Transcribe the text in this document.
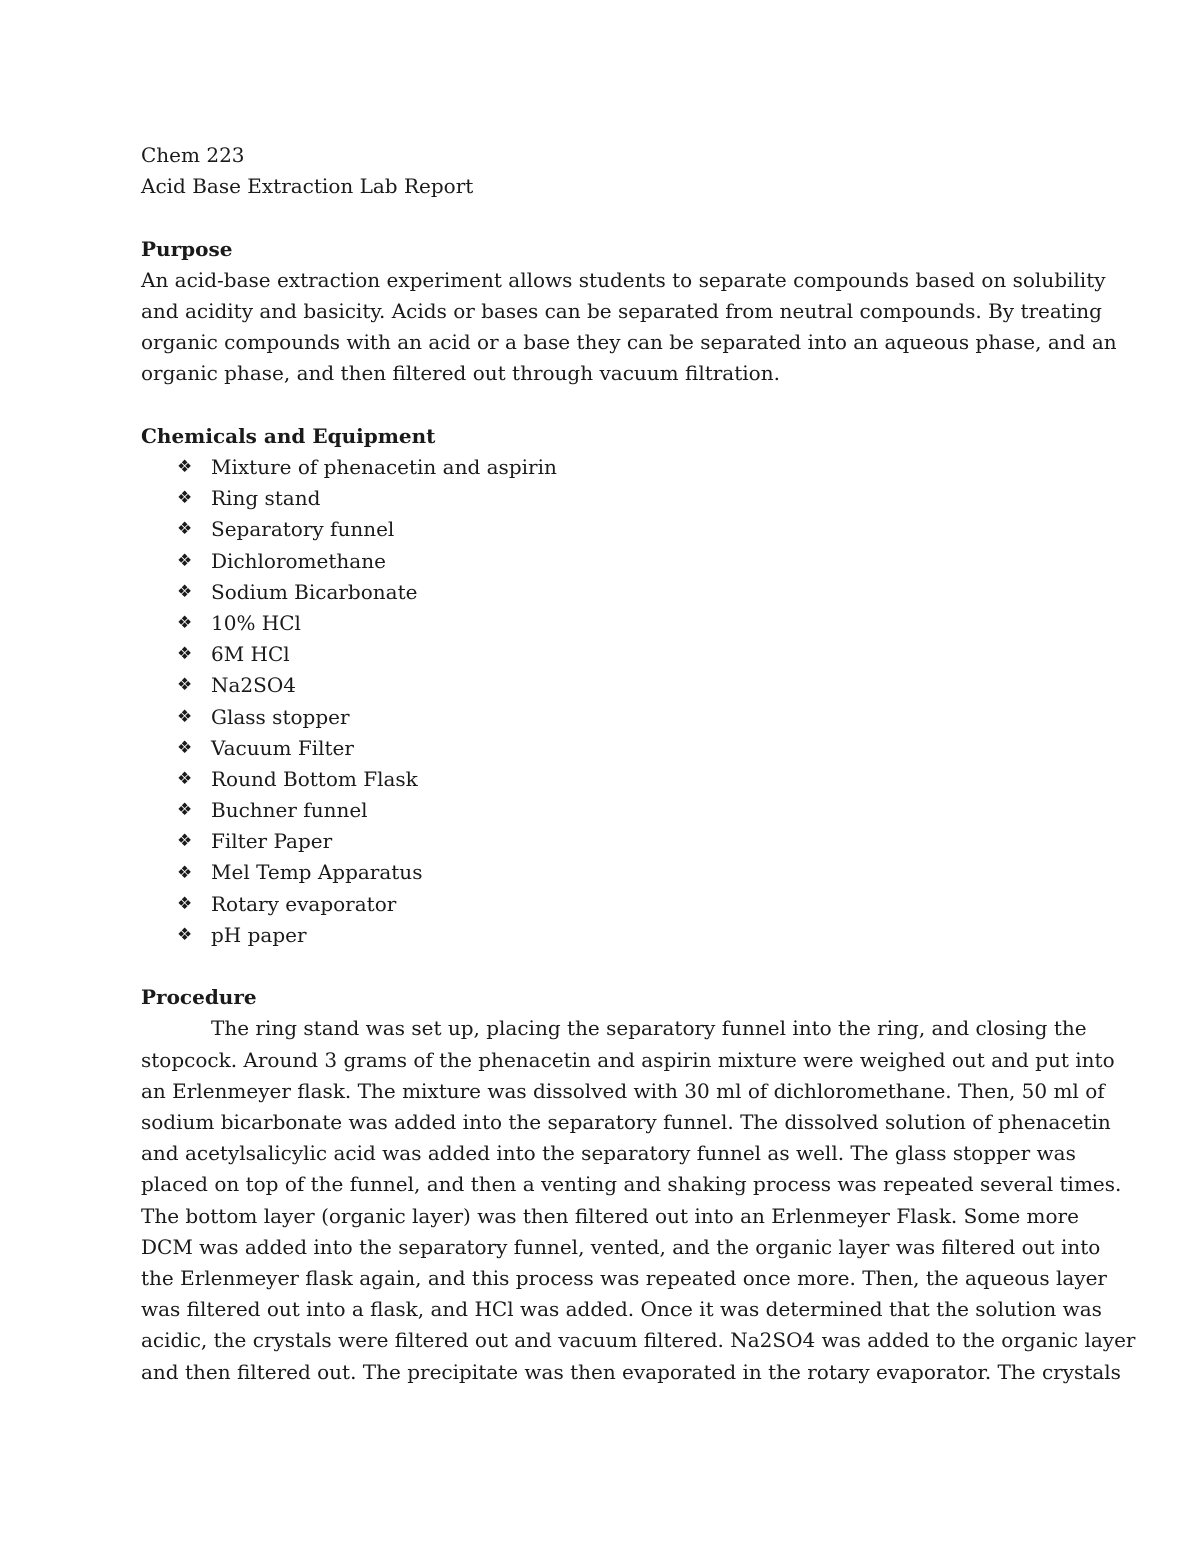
Chem 223
Acid Base Extraction Lab Report
Purpose
An acid-base extraction experiment allows students to separate compounds based on solubility
and acidity and basicity. Acids or bases can be separated from neutral compounds. By treating
organic compounds with an acid or a base they can be separated into an aqueous phase, and an
organic phase, and then filtered out through vacuum filtration.
Chemicals and Equipment
❖ Mixture of phenacetin and aspirin
❖ Ring stand
❖ Separatory funnel
❖ Dichloromethane
❖ Sodium Bicarbonate
❖ 10% HCl
❖ 6M HCl
❖ Na2SO4
❖ Glass stopper
❖ Vacuum Filter
❖ Round Bottom Flask
❖ Buchner funnel
❖ Filter Paper
❖ Mel Temp Apparatus
❖ Rotary evaporator
❖ pH paper
Procedure
The ring stand was set up, placing the separatory funnel into the ring, and closing the
stopcock. Around 3 grams of the phenacetin and aspirin mixture were weighed out and put into
an Erlenmeyer flask. The mixture was dissolved with 30 ml of dichloromethane. Then, 50 ml of
sodium bicarbonate was added into the separatory funnel. The dissolved solution of phenacetin
and acetylsalicylic acid was added into the separatory funnel as well. The glass stopper was
placed on top of the funnel, and then a venting and shaking process was repeated several times.
The bottom layer (organic layer) was then filtered out into an Erlenmeyer Flask. Some more
DCM was added into the separatory funnel, vented, and the organic layer was filtered out into
the Erlenmeyer flask again, and this process was repeated once more. Then, the aqueous layer
was filtered out into a flask, and HCl was added. Once it was determined that the solution was
acidic, the crystals were filtered out and vacuum filtered. Na2SO4 was added to the organic layer
and then filtered out. The precipitate was then evaporated in the rotary evaporator. The crystals
